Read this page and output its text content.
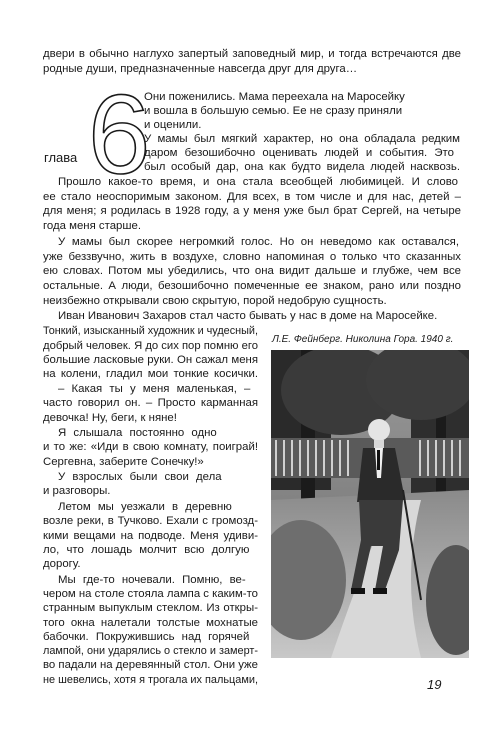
двери в обычно наглухо запертый заповедный мир, и тогда встречаются две
родные души, предназначенные навсегда друг для друга…
Они поженились. Мама переехала на Маросейку
и вошла в большую семью. Ее не сразу приняли
и оценили.
У мамы был мягкий характер, но она обладала редким
даром безошибочно оценивать людей и события. Это
был особый дар, она как будто видела людей насквозь.
Прошло какое-то время, и она стала всеобщей любимицей. И слово
ее стало неоспоримым законом. Для всех, в том числе и для нас, детей –
для меня; я родилась в 1928 году, а у меня уже был брат Сергей, на четыре
года меня старше.
У мамы был скорее негромкий голос. Но он неведомо как оставался,
уже беззвучно, жить в воздухе, словно напоминая о только что сказанных
ею словах. Потом мы убедились, что она видит дальше и глубже, чем все
остальные. А люди, безошибочно помеченные ее знаком, рано или поздно
неизбежно открывали свою скрытую, порой недобрую сущность.
Иван Иванович Захаров стал часто бывать у нас в доме на Маросейке.
Тонкий, изысканный художник и чудесный,
добрый человек. Я до сих пор помню его
большие ласковые руки. Он сажал меня
на колени, гладил мои тонкие косички.
– Какая ты у меня маленькая, –
часто говорил он. – Просто карманная
девочка! Ну, беги, к няне!
Я слышала постоянно одно
и то же: «Иди в свою комнату, поиграй!
Сергевна, заберите Сонечку!»
У взрослых были свои дела
и разговоры.
Летом мы уезжали в деревню
возле реки, в Тучково. Ехали с громозд-
кими вещами на подводе. Меня удиви-
ло, что лошадь молчит всю долгую
дорогу.
Мы где-то ночевали. Помню, ве-
чером на столе стояла лампа с каким-то
странным выпуклым стеклом. Из откры-
того окна налетали толстые мохнатые
бабочки. Покружившись над горячей
лампой, они ударялись о стекло и замерт-
во падали на деревянный стол. Они уже
не шевелись, хотя я трогала их пальцами,
6
глава
Л.Е. Фейнберг. Николина Гора. 1940 г.
19
